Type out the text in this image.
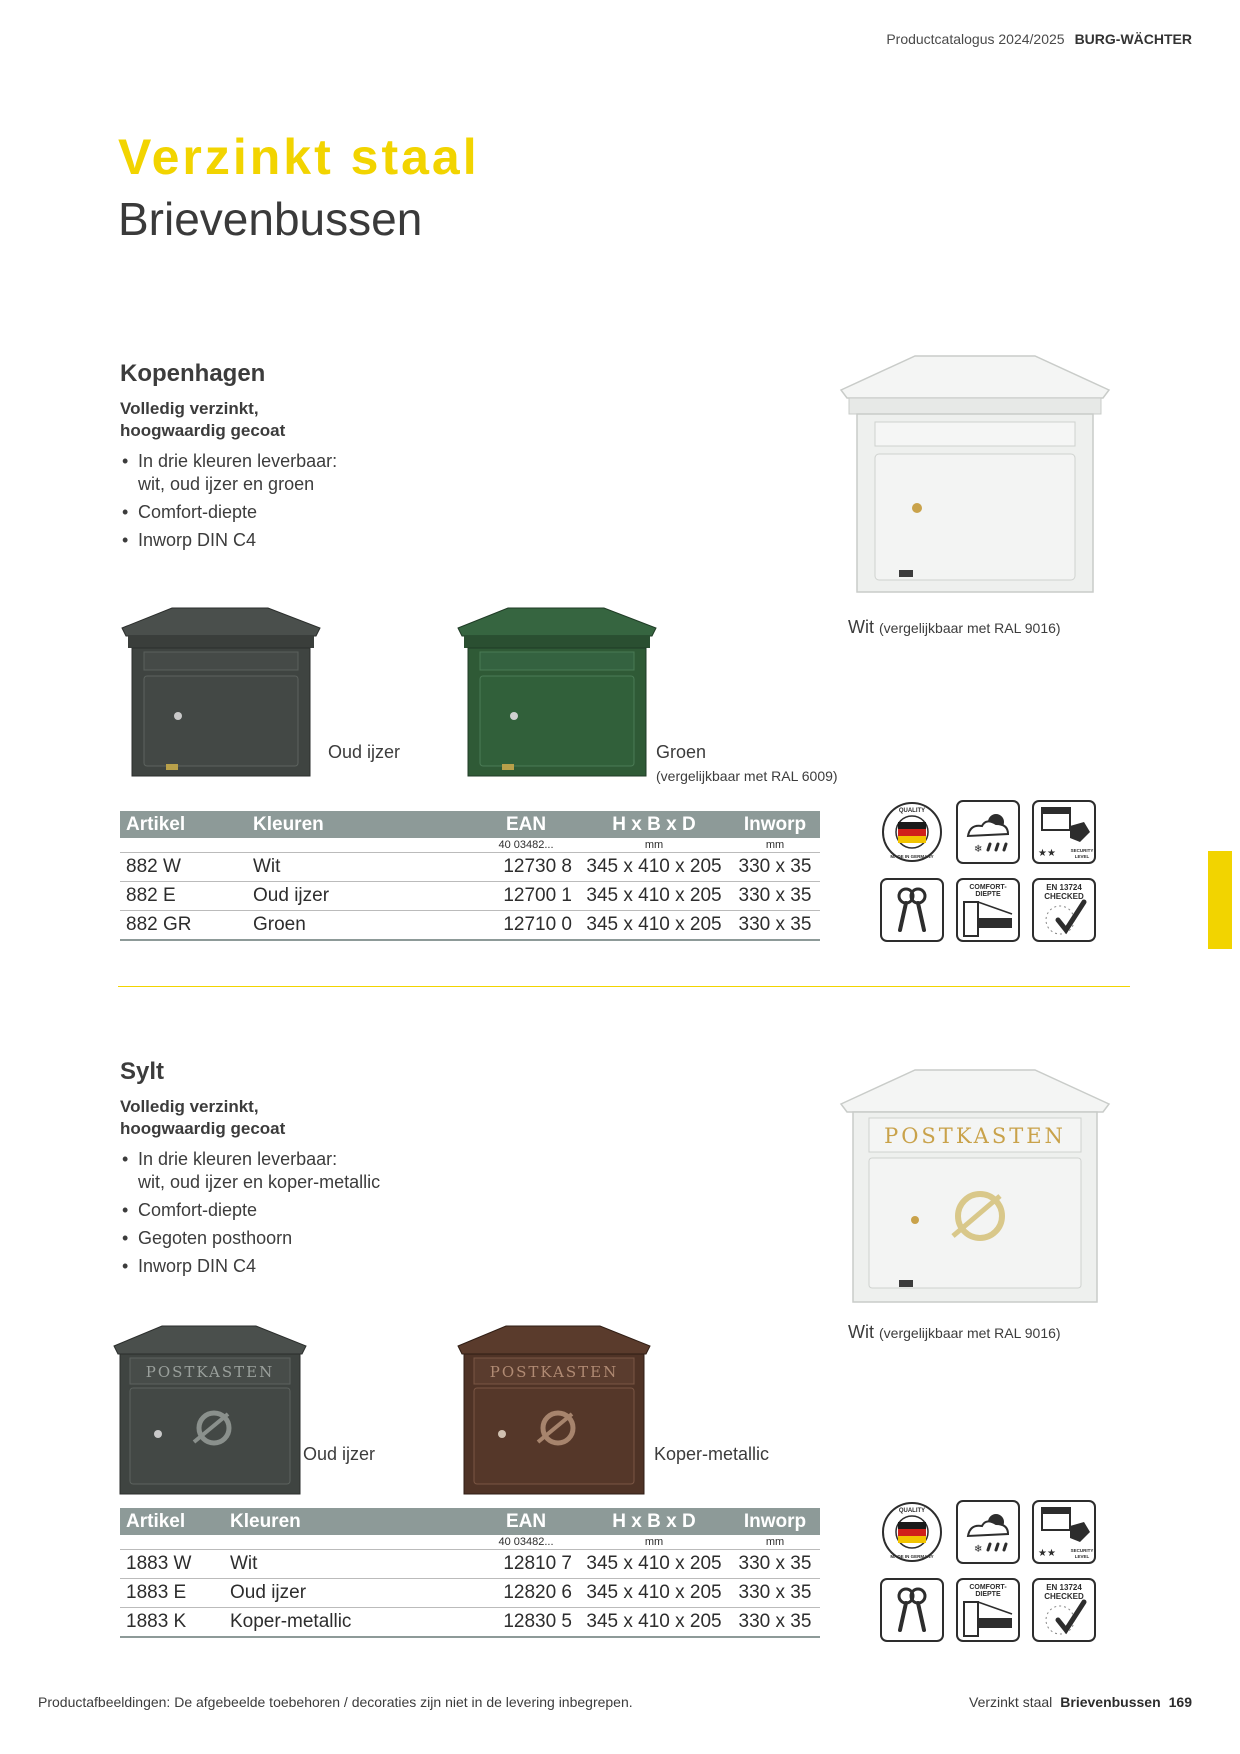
Productcatalogus 2024/2025 BURG-WÄCHTER
Verzinkt staal
Brievenbussen
Kopenhagen
Volledig verzinkt,
hoogwaardig gecoat
• In drie kleuren leverbaar:
wit, oud ijzer en groen
• Comfort-diepte
• Inworp DIN C4
Wit (vergelijkbaar met RAL 9016)
Oud ijzer	Groen
(vergelijkbaar met RAL 6009)
Artikel	Kleuren	EAN	H x B x D	Inworp
		40 03482...	mm	mm
882 W	Wit	12730 8	345 x 410 x 205	330 x 35
882 E	Oud ijzer	12700 1	345 x 410 x 205	330 x 35
882 GR	Groen	12710 0	345 x 410 x 205	330 x 35
QUALITY
MADE IN GERMANY
❄	★★	SECURITY
LEVEL
COMFORT-
DIEPTE
EN 13724
CHECKED
Sylt
Volledig verzinkt,
hoogwaardig gecoat
• In drie kleuren leverbaar:
wit, oud ijzer en koper-metallic
• Comfort-diepte
• Gegoten posthoorn
• Inworp DIN C4
POSTKASTEN
Wit (vergelijkbaar met RAL 9016)
POSTKASTEN
Oud ijzer
POSTKASTEN
Koper-metallic
Artikel	Kleuren	EAN	H x B x D	Inworp
		40 03482...	mm	mm
1883 W	Wit	12810 7	345 x 410 x 205	330 x 35
1883 E	Oud ijzer	12820 6	345 x 410 x 205	330 x 35
1883 K	Koper-metallic	12830 5	345 x 410 x 205	330 x 35
QUALITY
MADE IN GERMANY
❄	★★	SECURITY
LEVEL
COMFORT-
DIEPTE
EN 13724
CHECKED
Productafbeeldingen: De afgebeelde toebehoren / decoraties zijn niet in de levering inbegrepen.	Verzinkt staal Brievenbussen 169
